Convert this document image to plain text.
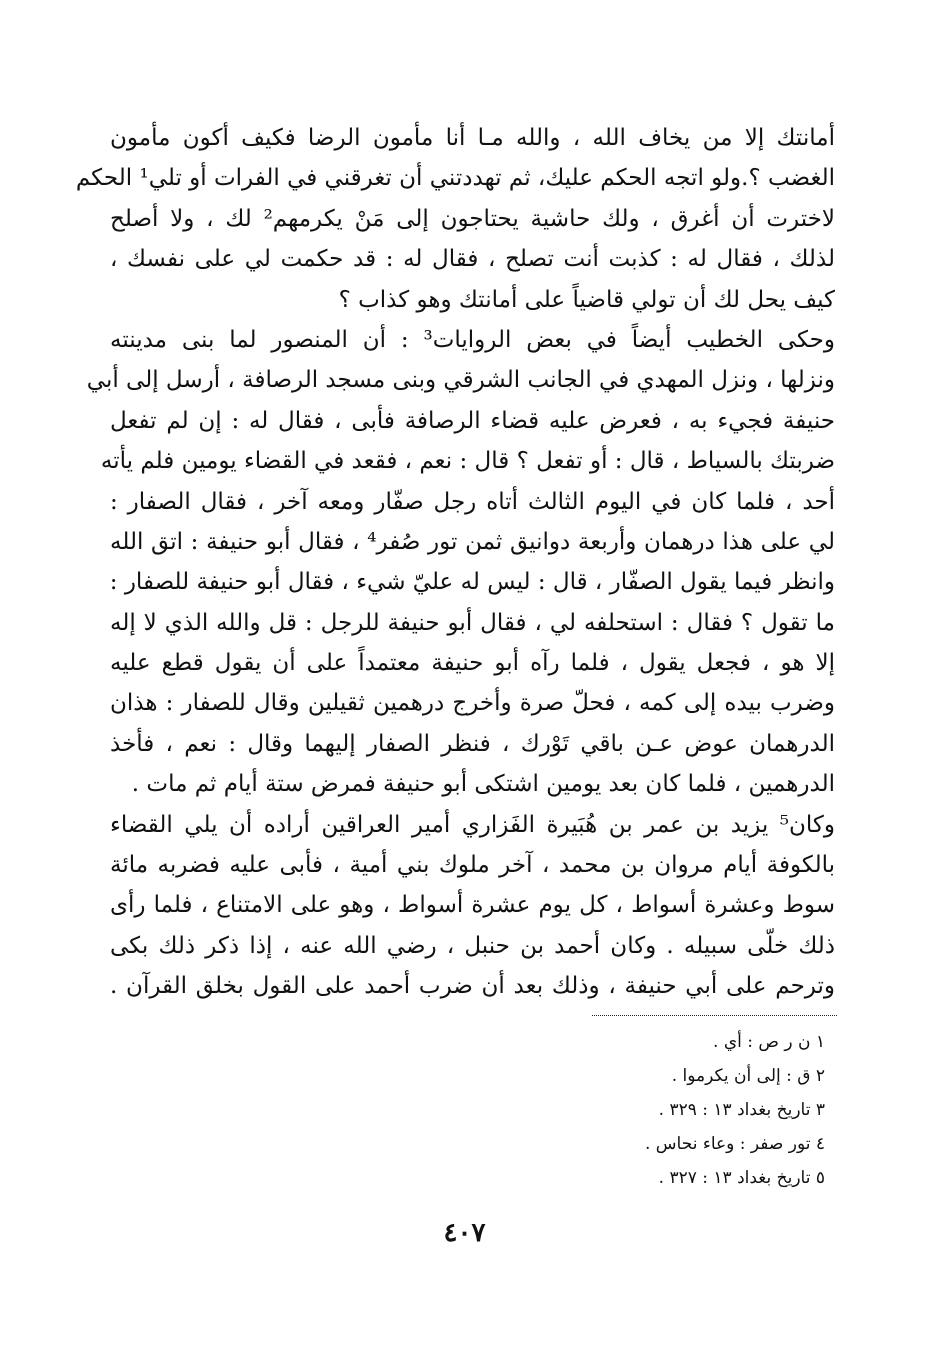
أمانتك إلا من يخاف الله ، والله مـا أنا مأمون الرضا فكيف أكون مأمون
الغضب ؟.ولو اتجه الحكم عليك، ثم تهددتني أن تغرقني في الفرات أو تلي¹ الحكم
لاخترت أن أغرق ، ولك حاشية يحتاجون إلى مَنْ يكرمهم² لك ، ولا أصلح
لذلك ، فقال له : كذبت أنت تصلح ، فقال له : قد حكمت لي على نفسك ،
كيف يحل لك أن تولي قاضياً على أمانتك وهو كذاب ؟
وحكى الخطيب أيضاً في بعض الروايات³ : أن المنصور لما بنى مدينته
ونزلها ، ونزل المهدي في الجانب الشرقي وبنى مسجد الرصافة ، أرسل إلى أبي
حنيفة فجيء به ، فعرض عليه قضاء الرصافة فأبى ، فقال له : إن لم تفعل
ضربتك بالسياط ، قال : أو تفعل ؟ قال : نعم ، فقعد في القضاء يومين فلم يأته
أحد ، فلما كان في اليوم الثالث أتاه رجل صفّار ومعه آخر ، فقال الصفار :
لي على هذا درهمان وأربعة دوانيق ثمن تور صُفر⁴ ، فقال أبو حنيفة : اتق الله
وانظر فيما يقول الصفّار ، قال : ليس له عليّ شيء ، فقال أبو حنيفة للصفار :
ما تقول ؟ فقال : استحلفه لي ، فقال أبو حنيفة للرجل : قل والله الذي لا إله
إلا هو ، فجعل يقول ، فلما رآه أبو حنيفة معتمداً على أن يقول قطع عليه
وضرب بيده إلى كمه ، فحلّ صرة وأخرج درهمين ثقيلين وقال للصفار : هذان
الدرهمان عوض عـن باقي تَوْرك ، فنظر الصفار إليهما وقال : نعم ، فأخذ
الدرهمين ، فلما كان بعد يومين اشتكى أبو حنيفة فمرض ستة أيام ثم مات .
وكان⁵ يزيد بن عمر بن هُبَيرة الفَزاري أمير العراقين أراده أن يلي القضاء
بالكوفة أيام مروان بن محمد ، آخر ملوك بني أمية ، فأبى عليه فضربه مائة
سوط وعشرة أسواط ، كل يوم عشرة أسواط ، وهو على الامتناع ، فلما رأى
ذلك خلّى سبيله . وكان أحمد بن حنبل ، رضي الله عنه ، إذا ذكر ذلك بكى
وترحم على أبي حنيفة ، وذلك بعد أن ضرب أحمد على القول بخلق القرآن .
١ ن ر ص : أي .
٢ ق : إلى أن يكرموا .
٣ تاريخ بغداد ١٣ : ٣٢٩ .
٤ تور صفر : وعاء نحاس .
٥ تاريخ بغداد ١٣ : ٣٢٧ .
٤٠٧
